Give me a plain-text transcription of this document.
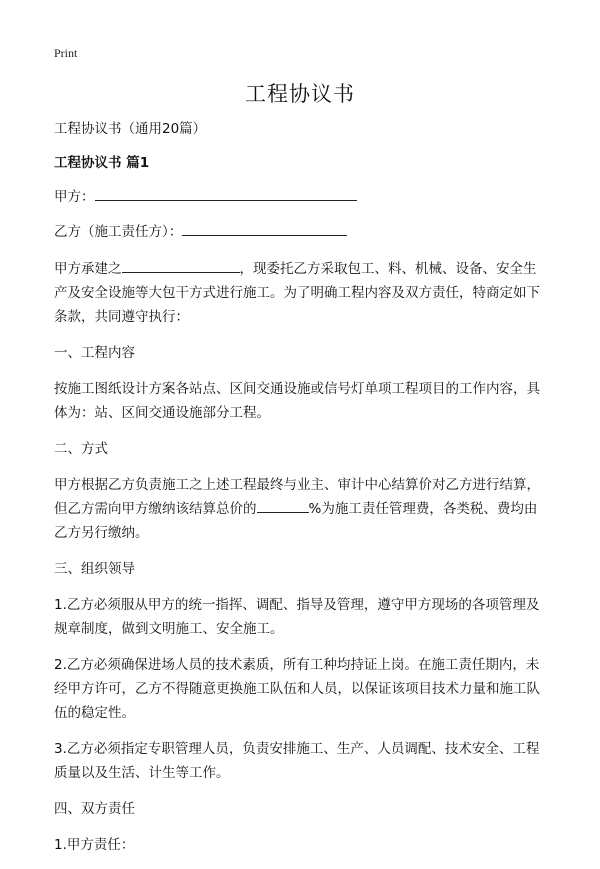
Print
工程协议书

工程协议书（通用20篇）

工程协议书 篇1

甲方：

乙方（施工责任方）：

甲方承建之	，现委托乙方采取包工、料、机械、设备、安全生产及安全设施等大包干方式进行施工。为了明确工程内容及双方责任，特商定如下条款，共同遵守执行：

一、工程内容

按施工图纸设计方案各站点、区间交通设施或信号灯单项工程项目的工作内容，具体为：站、区间交通设施部分工程。

二、方式

甲方根据乙方负责施工之上述工程最终与业主、审计中心结算价对乙方进行结算，但乙方需向甲方缴纳该结算总价的	%为施工责任管理费，各类税、费均由乙方另行缴纳。

三、组织领导

1.乙方必须服从甲方的统一指挥、调配、指导及管理，遵守甲方现场的各项管理及规章制度，做到文明施工、安全施工。

2.乙方必须确保进场人员的技术素质，所有工种均持证上岗。在施工责任期内，未经甲方许可，乙方不得随意更换施工队伍和人员，以保证该项目技术力量和施工队伍的稳定性。

3.乙方必须指定专职管理人员，负责安排施工、生产、人员调配、技术安全、工程质量以及生活、计生等工作。

四、双方责任

1.甲方责任：
